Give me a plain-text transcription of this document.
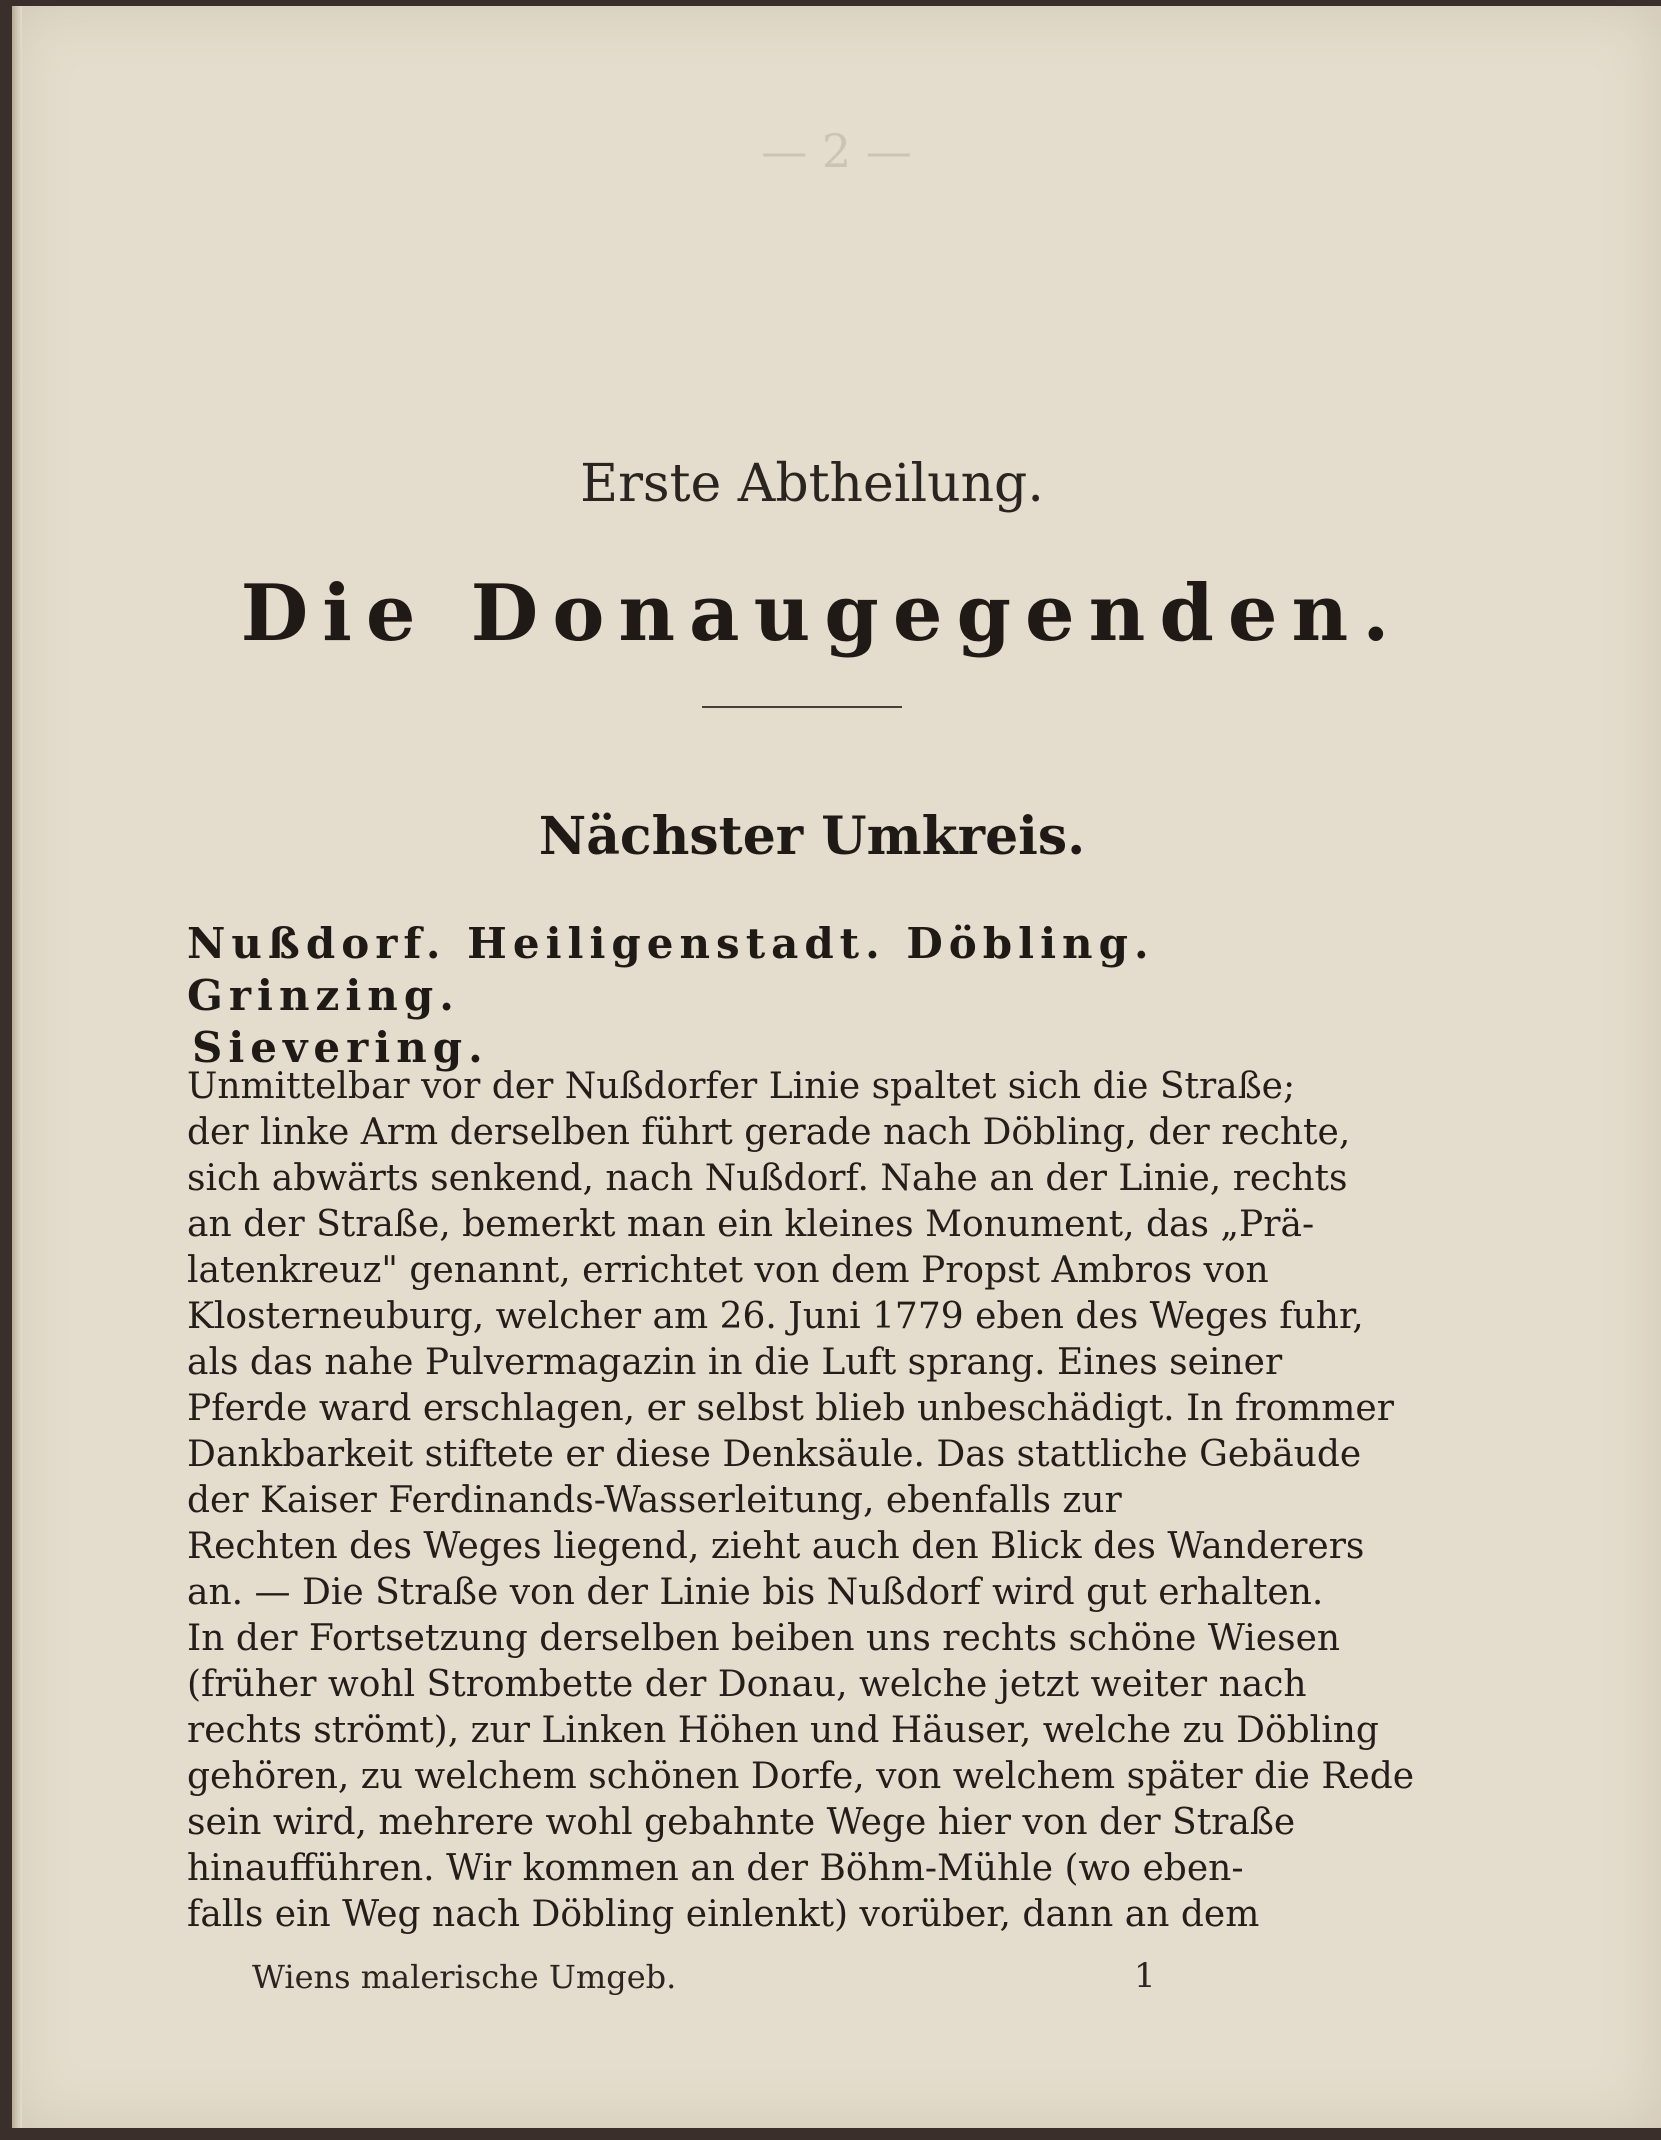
— 2 —
Erste Abtheilung.
Die Donaugegenden.
Nächster Umkreis.
Nußdorf. Heiligenstadt. Döbling. Grinzing.
Sievering.
Unmittelbar vor der Nußdorfer Linie spaltet sich die Straße;
der linke Arm derselben führt gerade nach Döbling, der rechte,
sich abwärts senkend, nach Nußdorf. Nahe an der Linie, rechts
an der Straße, bemerkt man ein kleines Monument, das „Prä-
latenkreuz" genannt, errichtet von dem Propst Ambros von
Klosterneuburg, welcher am 26. Juni 1779 eben des Weges fuhr,
als das nahe Pulvermagazin in die Luft sprang. Eines seiner
Pferde ward erschlagen, er selbst blieb unbeschädigt. In frommer
Dankbarkeit stiftete er diese Denksäule. Das stattliche Gebäude
der Kaiser Ferdinands-Wasserleitung, ebenfalls zur
Rechten des Weges liegend, zieht auch den Blick des Wanderers
an. — Die Straße von der Linie bis Nußdorf wird gut erhalten.
In der Fortsetzung derselben beiben uns rechts schöne Wiesen
(früher wohl Strombette der Donau, welche jetzt weiter nach
rechts strömt), zur Linken Höhen und Häuser, welche zu Döbling
gehören, zu welchem schönen Dorfe, von welchem später die Rede
sein wird, mehrere wohl gebahnte Wege hier von der Straße
hinaufführen. Wir kommen an der Böhm-Mühle (wo eben-
falls ein Weg nach Döbling einlenkt) vorüber, dann an dem
Wiens malerische Umgeb.	1
